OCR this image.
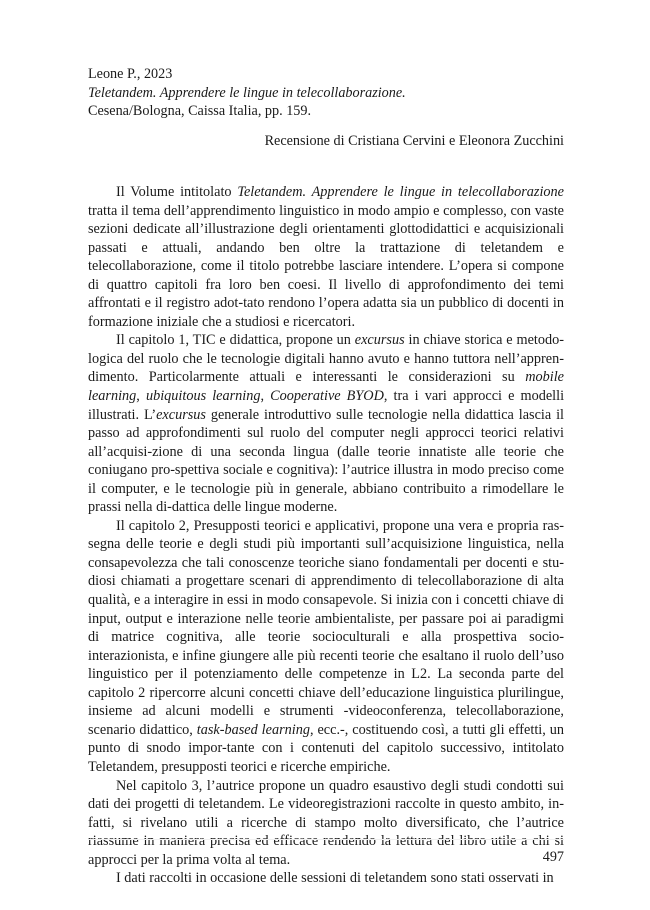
Leone P., 2023
Teletandem. Apprendere le lingue in telecollaborazione.
Cesena/Bologna, Caissa Italia, pp. 159.
Recensione di Cristiana Cervini e Eleonora Zucchini

Il Volume intitolato Teletandem. Apprendere le lingue in telecollaborazione tratta il tema dell’apprendimento linguistico in modo ampio e complesso, con vaste sezioni dedicate all’illustrazione degli orientamenti glottodidattici e acquisizionali passati e attuali, andando ben oltre la trattazione di teletandem e telecollaborazione, come il titolo potrebbe lasciare intendere. L’opera si compone di quattro capitoli fra loro ben coesi. Il livello di approfondimento dei temi affrontati e il registro adot-tato rendono l’opera adatta sia un pubblico di docenti in formazione iniziale che a studiosi e ricercatori.

Il capitolo 1, TIC e didattica, propone un excursus in chiave storica e metodo-logica del ruolo che le tecnologie digitali hanno avuto e hanno tuttora nell’appren-dimento. Particolarmente attuali e interessanti le considerazioni su mobile learning, ubiquitous learning, Cooperative BYOD, tra i vari approcci e modelli illustrati. L’excursus generale introduttivo sulle tecnologie nella didattica lascia il passo ad approfondimenti sul ruolo del computer negli approcci teorici relativi all’acquisi-zione di una seconda lingua (dalle teorie innatiste alle teorie che coniugano pro-spettiva sociale e cognitiva): l’autrice illustra in modo preciso come il computer, e le tecnologie più in generale, abbiano contribuito a rimodellare le prassi nella di-dattica delle lingue moderne.

Il capitolo 2, Presupposti teorici e applicativi, propone una vera e propria ras-segna delle teorie e degli studi più importanti sull’acquisizione linguistica, nella consapevolezza che tali conoscenze teoriche siano fondamentali per docenti e stu-diosi chiamati a progettare scenari di apprendimento di telecollaborazione di alta qualità, e a interagire in essi in modo consapevole. Si inizia con i concetti chiave di input, output e interazione nelle teorie ambientaliste, per passare poi ai paradigmi di matrice cognitiva, alle teorie socioculturali e alla prospettiva socio-interazionista, e infine giungere alle più recenti teorie che esaltano il ruolo dell’uso linguistico per il potenziamento delle competenze in L2. La seconda parte del capitolo 2 ripercorre alcuni concetti chiave dell’educazione linguistica plurilingue, insieme ad alcuni modelli e strumenti -videoconferenza, telecollaborazione, scenario didattico, task-based learning, ecc.-, costituendo così, a tutti gli effetti, un punto di snodo impor-tante con i contenuti del capitolo successivo, intitolato Teletandem, presupposti teorici e ricerche empiriche.

Nel capitolo 3, l’autrice propone un quadro esaustivo degli studi condotti sui dati dei progetti di teletandem. Le videoregistrazioni raccolte in questo ambito, in-fatti, si rivelano utili a ricerche di stampo molto diversificato, che l’autrice riassume in maniera precisa ed efficace rendendo la lettura del libro utile a chi si approcci per la prima volta al tema.

I dati raccolti in occasione delle sessioni di teletandem sono stati osservati in

497
